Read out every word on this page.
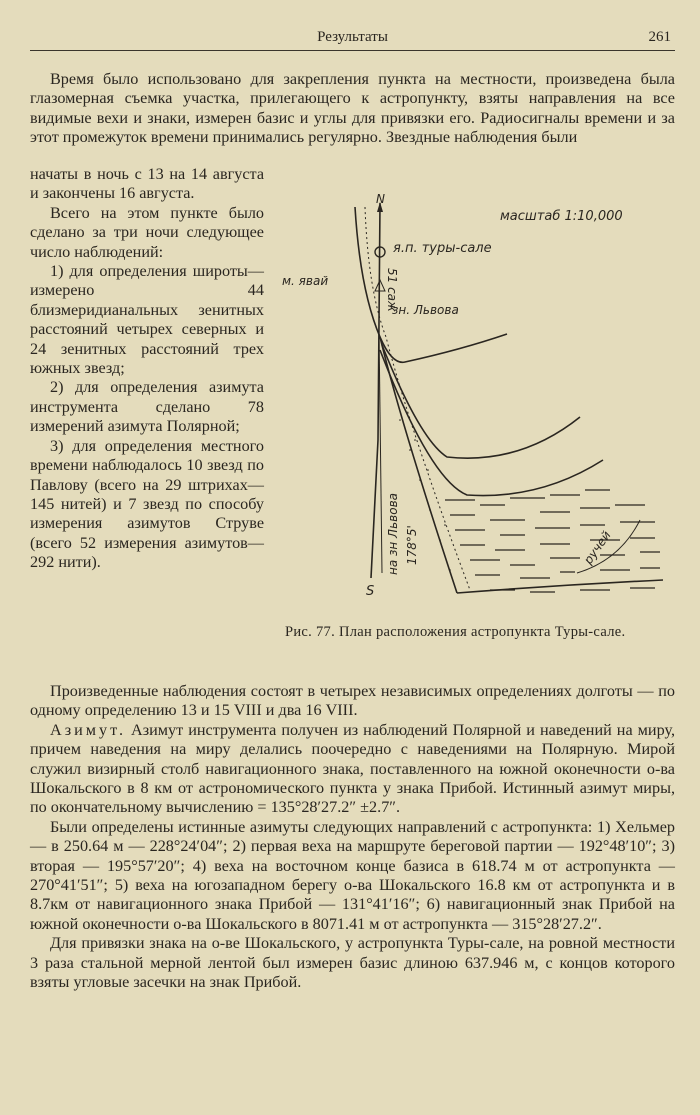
Результаты	261

Время было использовано для закрепления пункта на местности, произведена была глазомерная съемка участка, прилегающего к астропункту, взяты направления на все видимые вехи и знаки, измерен базис и углы для привязки его. Радиосигналы времени и за этот промежуток времени принимались регулярно. Звездные наблюдения были

начаты в ночь с 13 на 14 августа и закончены 16 августа.

Всего на этом пункте было сделано за три ночи следующее число наблюдений:

1) для определения широты—измерено 44 близмеридианальных зенитных расстояний четырех северных и 24 зенитных расстояний трех южных звезд;

2) для определения азимута инструмента сделано 78 измерений азимута Полярной;

3) для определения местного времени наблюдалось 10 звезд по Павлову (всего на 29 штрихах—145 нитей) и 7 звезд по способу измерения азимутов Струве (всего 52 измерения азимутов—292 нити).

N
S
масштаб 1:10,000
я.п. туры-сале
м. явай	51 саж
зн. Львова
на зн Львова 178°5'	ручей
Рис. 77. План расположения астропункта Туры-сале.

Произведенные наблюдения состоят в четырех независимых определениях долготы — по одному определению 13 и 15 VIII и два 16 VIII.

Азимут. Азимут инструмента получен из наблюдений Полярной и наведений на миру, причем наведения на миру делались поочередно с наведениями на Полярную. Мирой служил визирный столб навигационного знака, поставленного на южной оконечности о-ва Шокальского в 8 км от астрономического пункта у знака Прибой. Истинный азимут миры, по окончательному вычислению = 135°28′27.2″ ±2.7″.

Были определены истинные азимуты следующих направлений с астропункта: 1) Хельмер — в 250.64 м — 228°24′04″; 2) первая веха на маршруте береговой партии — 192°48′10″; 3) вторая — 195°57′20″; 4) веха на восточном конце базиса в 618.74 м от астропункта — 270°41′51″; 5) веха на югозападном берегу о-ва Шокальского 16.8 км от астропункта и в 8.7км от навигационного знака Прибой — 131°41′16″; 6) навигационный знак Прибой на южной оконечности о-ва Шокальского в 8071.41 м от астропункта — 315°28′27.2″.

Для привязки знака на о-ве Шокальского, у астропункта Туры-сале, на ровной местности 3 раза стальной мерной лентой был измерен базис длиною 637.946 м, с концов которого взяты угловые засечки на знак Прибой.
